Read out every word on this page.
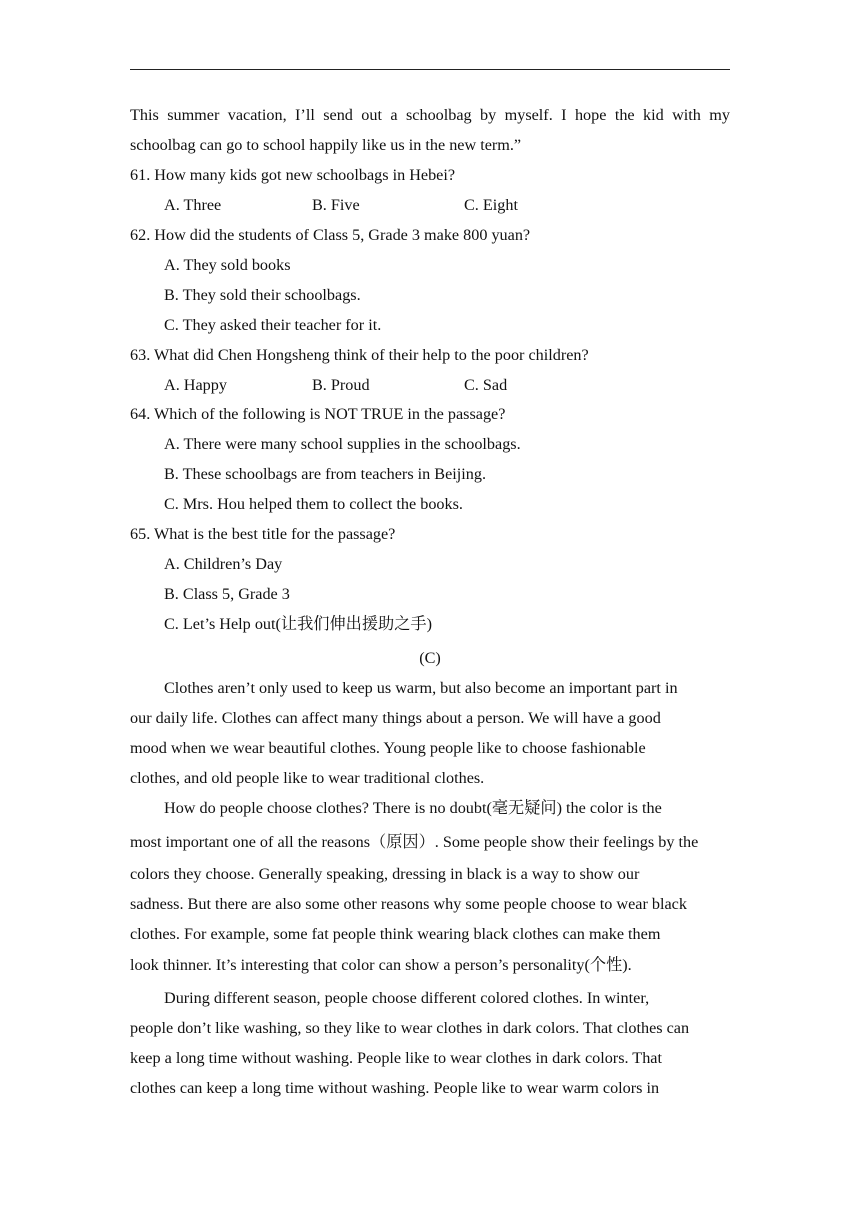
This summer vacation, I’ll send out a schoolbag by myself. I hope the kid with my
schoolbag can go to school happily like us in the new term.”
61. How many kids got new schoolbags in Hebei?
A. Three	B. Five	C. Eight
62. How did the students of Class 5, Grade 3 make 800 yuan?
A. They sold books
B. They sold their schoolbags.
C. They asked their teacher for it.
63. What did Chen Hongsheng think of their help to the poor children?
A. Happy	B. Proud	C. Sad
64. Which of the following is NOT TRUE in the passage?
A. There were many school supplies in the schoolbags.
B. These schoolbags are from teachers in Beijing.
C. Mrs. Hou helped them to collect the books.
65. What is the best title for the passage?
A. Children’s Day
B. Class 5, Grade 3
C. Let’s Help out(让我们伸出援助之手)
(C)
Clothes aren’t only used to keep us warm, but also become an important part in
our daily life. Clothes can affect many things about a person. We will have a good
mood when we wear beautiful clothes. Young people like to choose fashionable
clothes, and old people like to wear traditional clothes.
How do people choose clothes? There is no doubt(毫无疑问) the color is the
most important one of all the reasons（原因）. Some people show their feelings by the
colors they choose. Generally speaking, dressing in black is a way to show our
sadness. But there are also some other reasons why some people choose to wear black
clothes. For example, some fat people think wearing black clothes can make them
look thinner. It’s interesting that color can show a person’s personality(个性).
During different season, people choose different colored clothes. In winter,
people don’t like washing, so they like to wear clothes in dark colors. That clothes can
keep a long time without washing. People like to wear clothes in dark colors. That
clothes can keep a long time without washing. People like to wear warm colors in
